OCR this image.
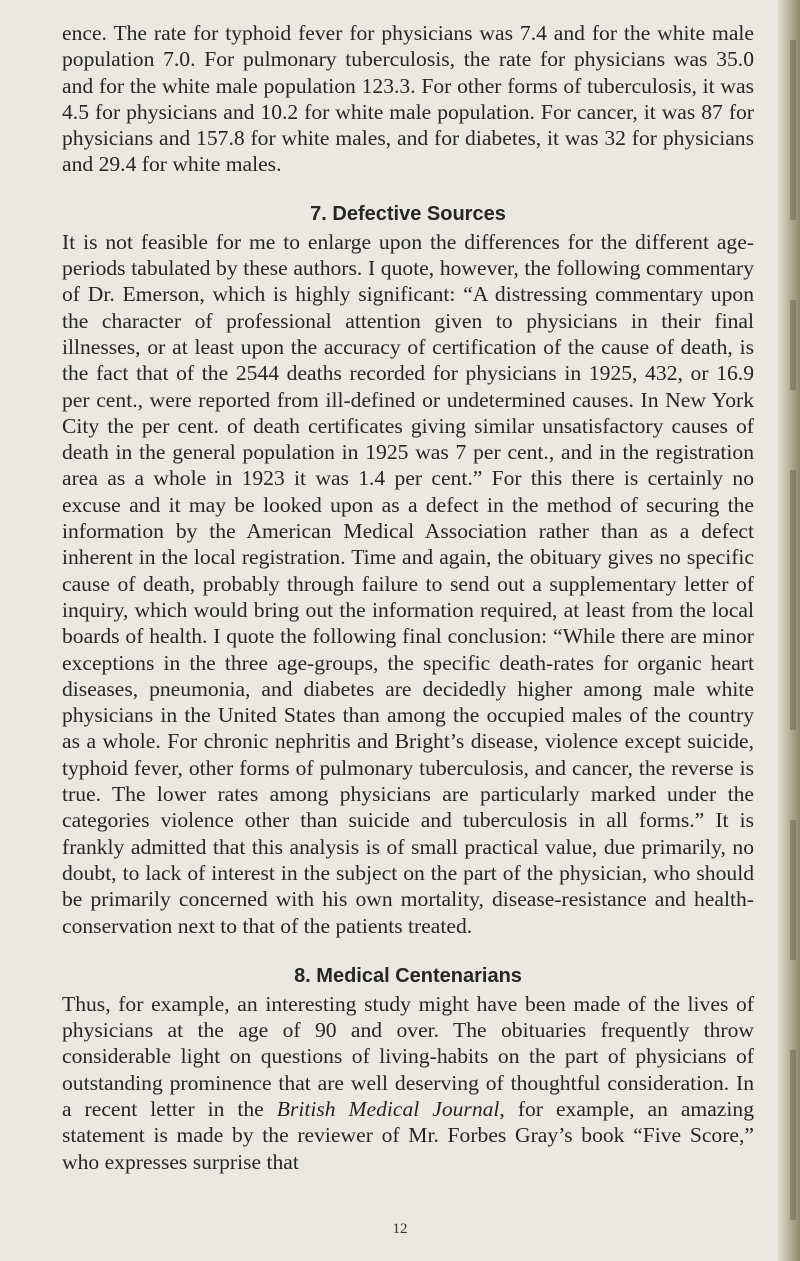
ence. The rate for typhoid fever for physicians was 7.4 and for the white male population 7.0. For pulmonary tuberculosis, the rate for physicians was 35.0 and for the white male population 123.3. For other forms of tuberculosis, it was 4.5 for physicians and 10.2 for white male population. For cancer, it was 87 for physicians and 157.8 for white males, and for diabetes, it was 32 for physicians and 29.4 for white males.

7. Defective Sources

It is not feasible for me to enlarge upon the differences for the different age-periods tabulated by these authors. I quote, however, the following commentary of Dr. Emerson, which is highly significant: “A distressing commentary upon the character of professional attention given to physicians in their final illnesses, or at least upon the accuracy of certification of the cause of death, is the fact that of the 2544 deaths recorded for physicians in 1925, 432, or 16.9 per cent., were reported from ill-defined or undetermined causes. In New York City the per cent. of death certificates giving similar unsatisfactory causes of death in the general population in 1925 was 7 per cent., and in the registration area as a whole in 1923 it was 1.4 per cent.” For this there is certainly no excuse and it may be looked upon as a defect in the method of securing the information by the American Medical Association rather than as a defect inherent in the local registration. Time and again, the obituary gives no specific cause of death, probably through failure to send out a supplementary letter of inquiry, which would bring out the information required, at least from the local boards of health. I quote the following final conclusion: “While there are minor exceptions in the three age-groups, the specific death-rates for organic heart diseases, pneumonia, and diabetes are decidedly higher among male white physicians in the United States than among the occupied males of the country as a whole. For chronic nephritis and Bright’s disease, violence except suicide, typhoid fever, other forms of pulmonary tuberculosis, and cancer, the reverse is true. The lower rates among physicians are particularly marked under the categories violence other than suicide and tuberculosis in all forms.” It is frankly admitted that this analysis is of small practical value, due primarily, no doubt, to lack of interest in the subject on the part of the physician, who should be primarily concerned with his own mortality, disease-resistance and health-conservation next to that of the patients treated.

8. Medical Centenarians

Thus, for example, an interesting study might have been made of the lives of physicians at the age of 90 and over. The obituaries frequently throw considerable light on questions of living-habits on the part of physicians of outstanding prominence that are well deserving of thoughtful consideration. In a recent letter in the British Medical Journal, for example, an amazing statement is made by the reviewer of Mr. Forbes Gray’s book “Five Score,” who expresses surprise that

12
